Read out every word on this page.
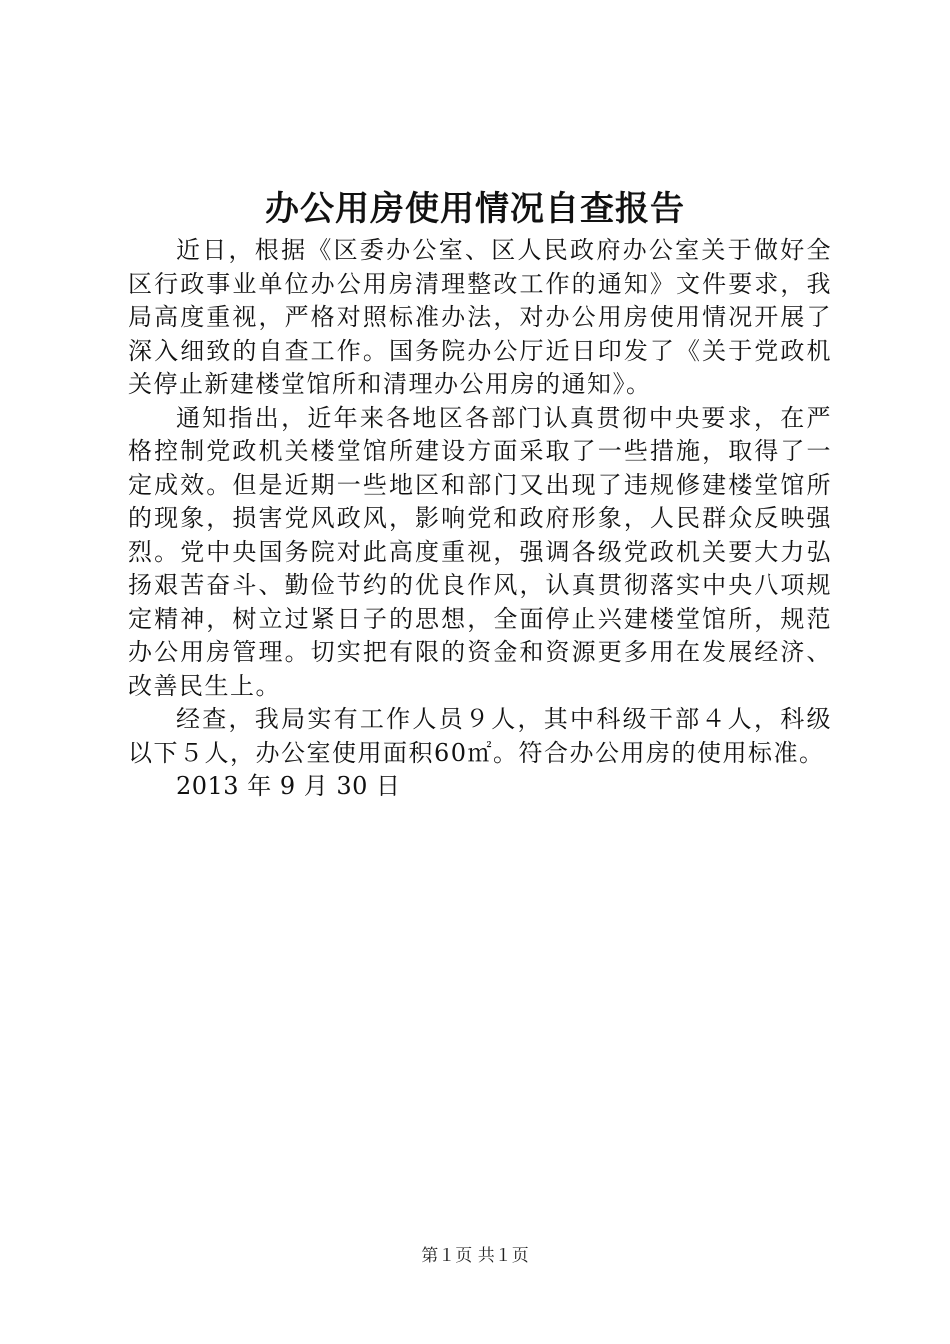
办公用房使用情况自查报告

近日，根据《区委办公室、区人民政府办公室关于做好全区行政事业单位办公用房清理整改工作的通知》文件要求，我局高度重视，严格对照标准办法，对办公用房使用情况开展了深入细致的自查工作。国务院办公厅近日印发了《关于党政机关停止新建楼堂馆所和清理办公用房的通知》。

通知指出，近年来各地区各部门认真贯彻中央要求，在严格控制党政机关楼堂馆所建设方面采取了一些措施，取得了一定成效。但是近期一些地区和部门又出现了违规修建楼堂馆所的现象，损害党风政风，影响党和政府形象，人民群众反映强烈。党中央国务院对此高度重视，强调各级党政机关要大力弘扬艰苦奋斗、勤俭节约的优良作风，认真贯彻落实中央八项规定精神，树立过紧日子的思想，全面停止兴建楼堂馆所，规范办公用房管理。切实把有限的资金和资源更多用在发展经济、改善民生上。

经查，我局实有工作人员９人，其中科级干部４人，科级以下５人，办公室使用面积60㎡。符合办公用房的使用标准。

2013 年 9 月 30 日

第１页 共１页
